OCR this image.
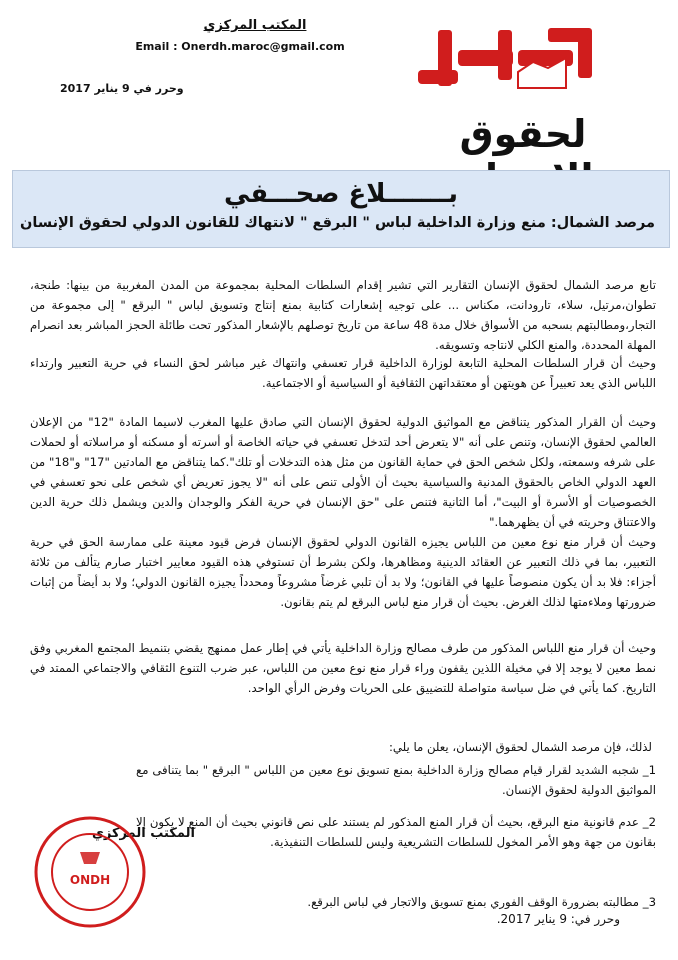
المكتب المركزي
Email : Onerdh.maroc@gmail.com
وحرر في 9 يناير 2017
لحقوق
بـــــــلاغ صحـــفي
مرصد الشمال: منع وزارة الداخلية لباس " البرقع " لانتهاك للقانون الدولي لحقوق الإنسان

تابع مرصد الشمال لحقوق الإنسان التقارير التي تشير إقدام السلطات المحلية بمجموعة من المدن المغربية من بينها: طنجة، تطوان،مرتيل، سلاء، تارودانت، مكناس ... على توجيه إشعارات كتابية بمنع إنتاج وتسويق لباس " البرقع " إلى مجموعة من التجار،ومطالبتهم بسحبه من الأسواق خلال مدة 48 ساعة من تاريخ توصلهم بالإشعار المذكور تحت طائلة الحجز المباشر بعد انصرام المهلة المحددة، والمنع الكلي لانتاجه وتسويقه.

وحيث أن قرار السلطات المحلية التابعة لوزارة الداخلية قرار تعسفي وانتهاك غير مباشر لحق النساء في حرية التعبير وارتداء اللباس الذي يعد تعبيراً عن هويتهن أو معتقداتهن الثقافية أو السياسية أو الاجتماعية.

وحيث أن القرار المذكور يتناقض مع المواثيق الدولية لحقوق الإنسان التي صادق عليها المغرب لاسيما المادة "12" من الإعلان العالمي لحقوق الإنسان، وتنص على أنه "لا يتعرض أحد لتدخل تعسفي في حياته الخاصة أو أسرته أو مسكنه أو مراسلاته أو لحملات على شرفه وسمعته، ولكل شخص الحق في حماية القانون من مثل هذه التدخلات أو تلك".كما يتناقض مع المادتين "17" و"18" من العهد الدولي الخاص بالحقوق المدنية والسياسية بحيث أن الأولى تنص على أنه "لا يجوز تعريض أي شخص على نحو تعسفي في الخصوصيات أو الأسرة أو البيت"، أما الثانية فتنص على "حق الإنسان في حرية الفكر والوجدان والدين ويشمل ذلك حرية الدين والاعتناق وحريته في أن يظهرهما."

وحيث أن قرار منع نوع معين من اللباس يجيزه القانون الدولي لحقوق الإنسان فرض قيود معينة على ممارسة الحق في حرية التعبير، بما في ذلك التعبير عن العقائد الدينية ومظاهرها، ولكن بشرط أن تستوفي هذه القيود معايير اختبار صارم يتألف من ثلاثة أجزاء: فلا بد أن يكون منصوصاً عليها في القانون؛ ولا بد أن تلبي غرضاً مشروعاً ومحدداً يجيزه القانون الدولي؛ ولا بد أيضاً من إثبات ضرورتها وملاءمتها لذلك الغرض. بحيث أن قرار منع لباس البرقع لم يتم بقانون.

وحيث أن قرار منع اللباس المذكور من طرف مصالح وزارة الداخلية يأتي في إطار عمل ممنهج يقضي بتنميط المجتمع المغربي وفق نمط معين لا يوجد إلا في مخيلة اللذين يقفون وراء قرار منع نوع معين من اللباس، عبر ضرب التنوع الثقافي والاجتماعي الممتد في التاريخ. كما يأتي في ضل سياسة متواصلة للتضييق على الحريات وفرض الرأي الواحد.

لذلك، فإن مرصد الشمال لحقوق الإنسان، يعلن ما يلي:
1_ شجبه الشديد لقرار قيام مصالح وزارة الداخلية بمنع تسويق نوع معين من اللباس " البرقع " بما يتنافى مع المواثيق الدولية لحقوق الإنسان.
2_ عدم قانونية منع البرقع، بحيث أن قرار المنع المذكور لم يستند على نص قانوني بحيث أن المنع لا يكون إلا بقانون من جهة وهو الأمر المخول للسلطات التشريعية وليس للسلطات التنفيذية.
3_ مطالبته بضرورة الوقف الفوري بمنع تسويق والاتجار في لباس البرقع.
المكتب المركزي
ONDH
وحرر في: 9 يناير 2017.
